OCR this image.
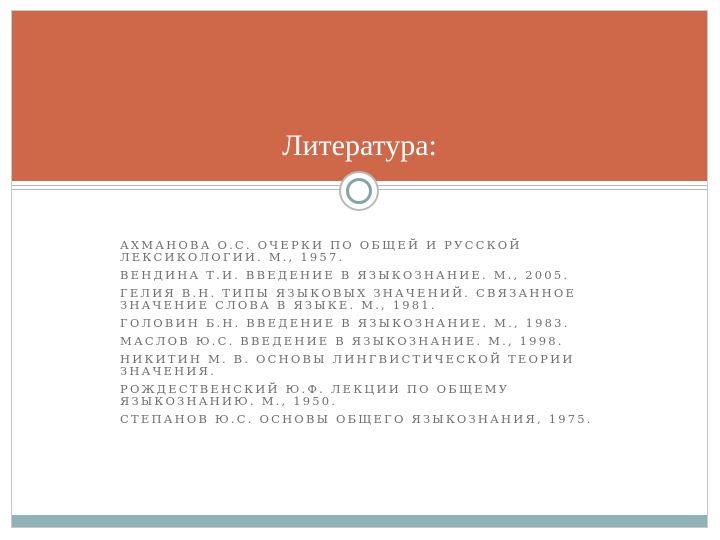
Литература:
АХМАНОВА О.С. ОЧЕРКИ ПО ОБЩЕЙ И РУССКОЙ ЛЕКСИКОЛОГИИ. М., 1957.
ВЕНДИНА Т.И. ВВЕДЕНИЕ В ЯЗЫКОЗНАНИЕ. М., 2005.
ГЕЛИЯ В.Н. ТИПЫ ЯЗЫКОВЫХ ЗНАЧЕНИЙ. СВЯЗАННОЕ ЗНАЧЕНИЕ СЛОВА В ЯЗЫКЕ. М., 1981.
ГОЛОВИН Б.Н. ВВЕДЕНИЕ В ЯЗЫКОЗНАНИЕ. М., 1983.
МАСЛОВ Ю.С. ВВЕДЕНИЕ В ЯЗЫКОЗНАНИЕ. М., 1998.
НИКИТИН М. В. ОСНОВЫ ЛИНГВИСТИЧЕСКОЙ ТЕОРИИ ЗНАЧЕНИЯ.
РОЖДЕСТВЕНСКИЙ Ю.Ф. ЛЕКЦИИ ПО ОБЩЕМУ ЯЗЫКОЗНАНИЮ. М., 1950.
СТЕПАНОВ Ю.С. ОСНОВЫ ОБЩЕГО ЯЗЫКОЗНАНИЯ, 1975.
